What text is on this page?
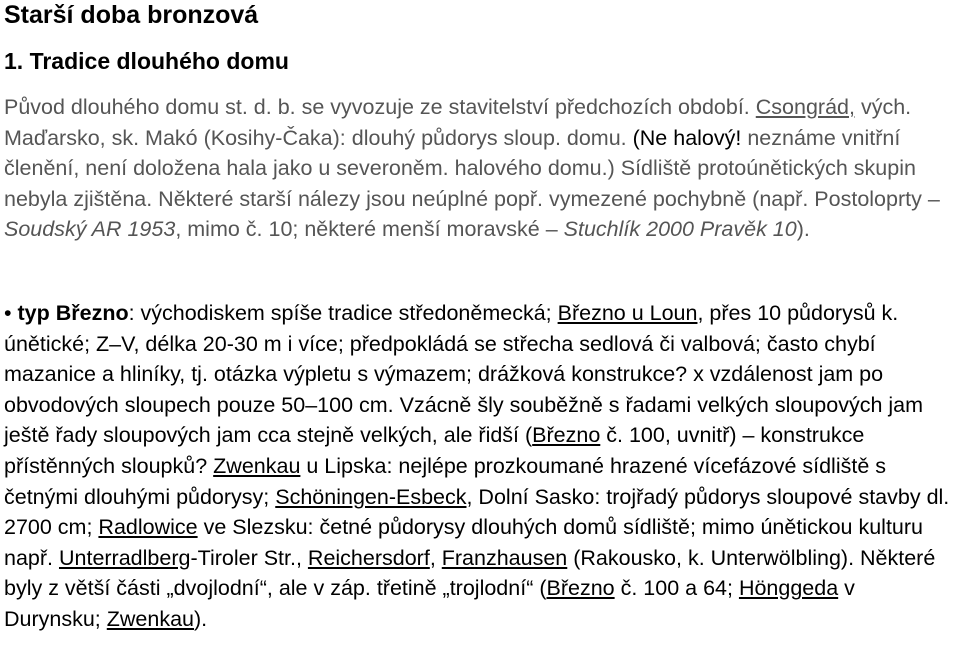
Starší doba bronzová
1. Tradice dlouhého domu

Původ dlouhého domu st. d. b. se vyvozuje ze stavitelství předchozích období. Csongrád, vých. Maďarsko, sk. Makó (Kosihy-Čaka): dlouhý půdorys sloup. domu. (Ne halový! neznáme vnitřní členění, není doložena hala jako u severoněm. halového domu.) Sídliště protoúnětických skupin nebyla zjištěna. Některé starší nálezy jsou neúplné popř. vymezené pochybně (např. Postoloprty – Soudský AR 1953, mimo č. 10; některé menší moravské – Stuchlík 2000 Pravěk 10).

• typ Březno: východiskem spíše tradice středoněmecká; Březno u Loun, přes 10 půdorysů k. únětické; Z–V, délka 20-30 m i více; předpokládá se střecha sedlová či valbová; často chybí mazanice a hliníky, tj. otázka výpletu s výmazem; drážková konstrukce? x vzdálenost jam po obvodových sloupech pouze 50–100 cm. Vzácně šly souběžně s řadami velkých sloupových jam ještě řady sloupových jam cca stejně velkých, ale řidší (Březno č. 100, uvnitř) – konstrukce přístěnných sloupků? Zwenkau u Lipska: nejlépe prozkoumané hrazené vícefázové sídliště s četnými dlouhými půdorysy; Schöningen-Esbeck, Dolní Sasko: trojřadý půdorys sloupové stavby dl. 2700 cm; Radlowice ve Slezsku: četné půdorysy dlouhých domů sídliště; mimo únětickou kulturu např. Unterradlberg-Tiroler Str., Reichersdorf, Franzhausen (Rakousko, k. Unterwölbling). Některé byly z větší části „dvojlodní“, ale v záp. třetině „trojlodní“ (Březno č. 100 a 64; Hönggeda v Durynsku; Zwenkau).
